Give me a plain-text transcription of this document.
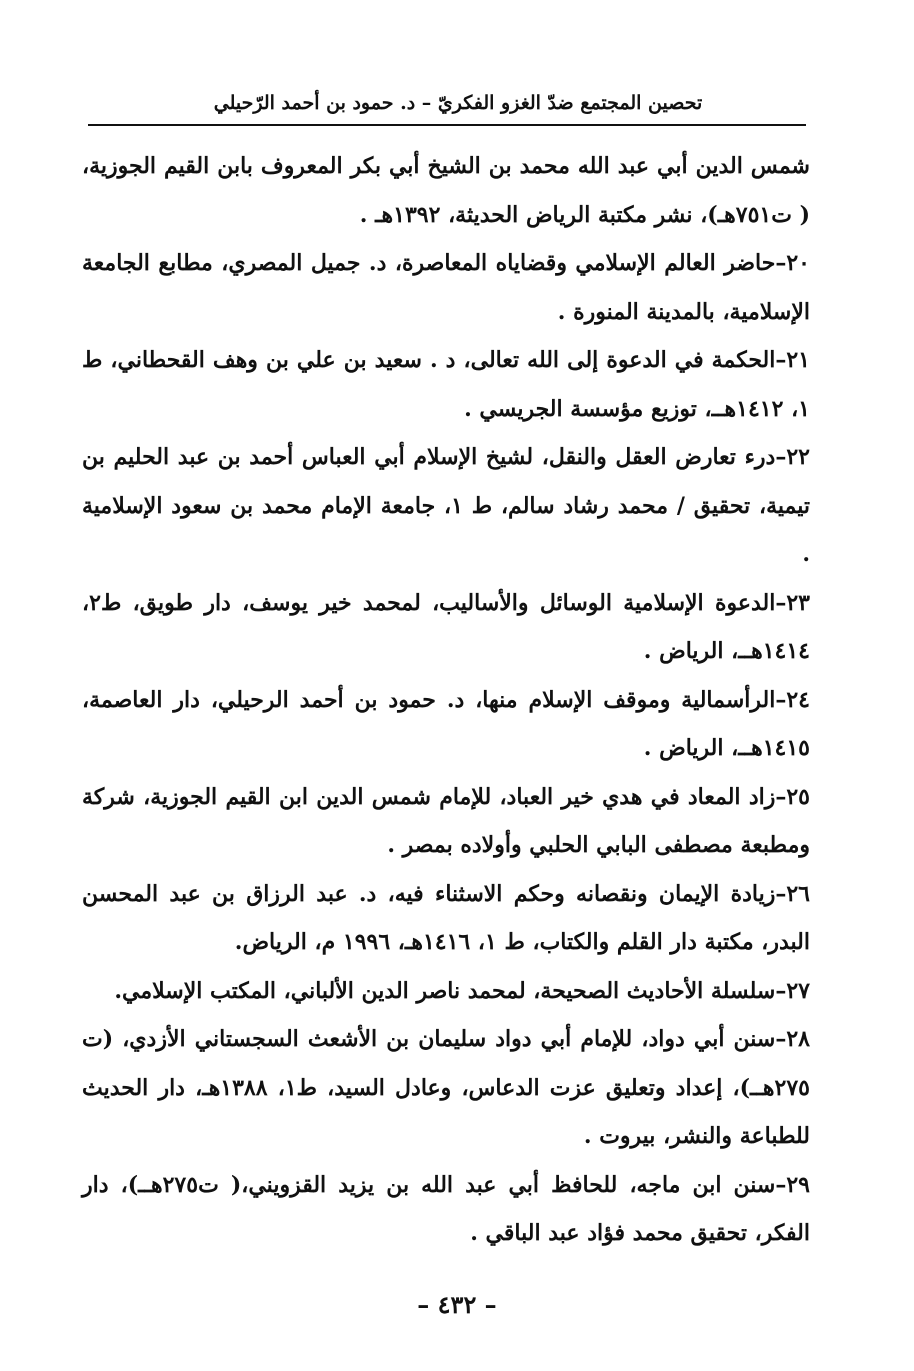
تحصين المجتمع ضدّ الغزو الفكريّ – د. حمود بن أحمد الرّحيلي

شمس الدين أبي عبد الله محمد بن الشيخ أبي بكر المعروف بابن القيم الجوزية، ( ت٧٥١هـ)، نشر مكتبة الرياض الحديثة، ١٣٩٢هـ .

٢٠–حاضر العالم الإسلامي وقضاياه المعاصرة، د. جميل المصري، مطابع الجامعة الإسلامية، بالمدينة المنورة .

٢١–الحكمة في الدعوة إلى الله تعالى، د . سعيد بن علي بن وهف القحطاني، ط ١، ١٤١٢هــ، توزيع مؤسسة الجريسي .

٢٢–درء تعارض العقل والنقل، لشيخ الإسلام أبي العباس أحمد بن عبد الحليم بن تيمية، تحقيق / محمد رشاد سالم، ط ١، جامعة الإمام محمد بن سعود الإسلامية .

٢٣–الدعوة الإسلامية الوسائل والأساليب، لمحمد خير يوسف، دار طويق، ط٢، ١٤١٤هــ، الرياض .

٢٤–الرأسمالية وموقف الإسلام منها، د. حمود بن أحمد الرحيلي، دار العاصمة، ١٤١٥هــ، الرياض .

٢٥–زاد المعاد في هدي خير العباد، للإمام شمس الدين ابن القيم الجوزية، شركة ومطبعة مصطفى البابي الحلبي وأولاده بمصر .

٢٦–زيادة الإيمان ونقصانه وحكم الاسثناء فيه، د. عبد الرزاق بن عبد المحسن البدر، مكتبة دار القلم والكتاب، ط ١، ١٤١٦هـ، ١٩٩٦ م، الرياض.

٢٧–سلسلة الأحاديث الصحيحة، لمحمد ناصر الدين الألباني، المكتب الإسلامي.

٢٨–سنن أبي دواد، للإمام أبي دواد سليمان بن الأشعث السجستاني الأزدي، (ت ٢٧٥هــ)، إعداد وتعليق عزت الدعاس، وعادل السيد، ط١، ١٣٨٨هـ، دار الحديث للطباعة والنشر، بيروت .

٢٩–سنن ابن ماجه، للحافظ أبي عبد الله بن يزيد القزويني،( ت٢٧٥هــ)، دار الفكر، تحقيق محمد فؤاد عبد الباقي .

– ٤٣٢ –
